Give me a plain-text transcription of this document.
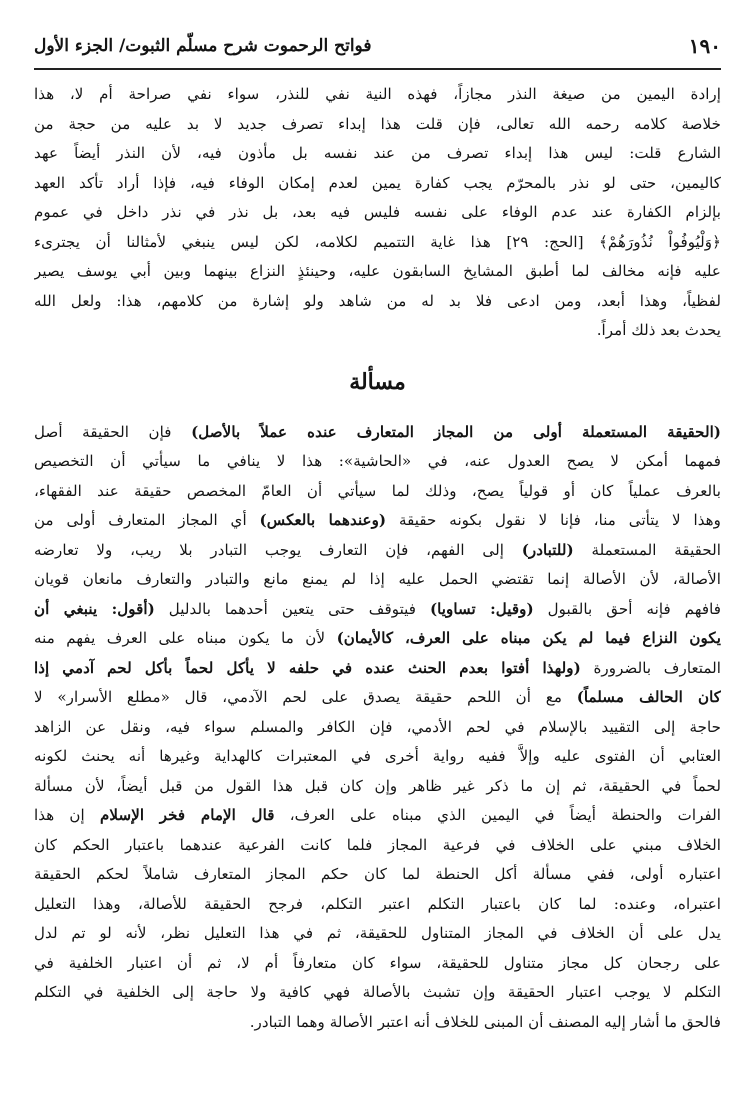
١٩٠
فواتح الرحموت شرح مسلّم الثبوت/ الجزء الأول
إرادة اليمين من صيغة النذر مجازاً، فهذه النية نفي للنذر، سواء نفي صراحة أم لا، هذا
خلاصة كلامه رحمه الله تعالى، فإن قلت هذا إبداء تصرف جديد لا بد عليه من حجة من
الشارع قلت: ليس هذا إبداء تصرف من عند نفسه بل مأذون فيه، لأن النذر أيضاً عهد
كاليمين، حتى لو نذر بالمحرّم يجب كفارة يمين لعدم إمكان الوفاء فيه، فإذا أراد تأكد العهد
بإلزام الكفارة عند عدم الوفاء على نفسه فليس فيه بعد، بل نذر في نذر داخل في عموم
﴿وَلْيُوفُواْ نُذُورَهُمْ﴾ [الحج: ٢٩] هذا غاية التتميم لكلامه، لكن ليس ينبغي لأمثالنا أن يجترىء
عليه فإنه مخالف لما أطبق المشايخ السابقون عليه، وحينئذٍ النزاع بينهما وبين أبي يوسف يصير
لفظياً، وهذا أبعد، ومن ادعى فلا بد له من شاهد ولو إشارة من كلامهم، هذا: ولعل الله
يحدث بعد ذلك أمراً.
مسألة
(الحقيقة المستعملة أولى من المجاز المتعارف عنده عملاً بالأصل) فإن الحقيقة أصل
فمهما أمكن لا يصح العدول عنه، في «الحاشية»: هذا لا ينافي ما سيأتي أن التخصيص
بالعرف عملياً كان أو قولياً يصح، وذلك لما سيأتي أن العامّ المخصص حقيقة عند الفقهاء،
وهذا لا يتأتى منا، فإنا لا نقول بكونه حقيقة (وعندهما بالعكس) أي المجاز المتعارف أولى من
الحقيقة المستعملة (للتبادر) إلى الفهم، فإن التعارف يوجب التبادر بلا ريب، ولا تعارضه
الأصالة، لأن الأصالة إنما تقتضي الحمل عليه إذا لم يمنع مانع والتبادر والتعارف مانعان قويان
فافهم فإنه أحق بالقبول (وقيل: تساويا) فيتوقف حتى يتعين أحدهما بالدليل (أقول: ينبغي أن
يكون النزاع فيما لم يكن مبناه على العرف، كالأيمان) لأن ما يكون مبناه على العرف يفهم منه
المتعارف بالضرورة (ولهذا أفتوا بعدم الحنث عنده في حلفه لا يأكل لحماً بأكل لحم آدمي إذا
كان الحالف مسلماً) مع أن اللحم حقيقة يصدق على لحم الآدمي، قال «مطلع الأسرار» لا
حاجة إلى التقييد بالإسلام في لحم الأدمي، فإن الكافر والمسلم سواء فيه، ونقل عن الزاهد
العتابي أن الفتوى عليه وإلاَّ ففيه رواية أخرى في المعتبرات كالهداية وغيرها أنه يحنث لكونه
لحماً في الحقيقة، ثم إن ما ذكر غير ظاهر وإن كان قبل هذا القول من قبل أيضاً، لأن مسألة
الفرات والحنطة أيضاً في اليمين الذي مبناه على العرف، قال الإمام فخر الإسلام إن هذا
الخلاف مبني على الخلاف في فرعية المجاز فلما كانت الفرعية عندهما باعتبار الحكم كان
اعتباره أولى، ففي مسألة أكل الحنطة لما كان حكم المجاز المتعارف شاملاً لحكم الحقيقة
اعتبراه، وعنده: لما كان باعتبار التكلم اعتبر التكلم، فرجح الحقيقة للأصالة، وهذا التعليل
يدل على أن الخلاف في المجاز المتناول للحقيقة، ثم في هذا التعليل نظر، لأنه لو تم لدل
على رجحان كل مجاز متناول للحقيقة، سواء كان متعارفاً أم لا، ثم أن اعتبار الخلفية في
التكلم لا يوجب اعتبار الحقيقة وإن تشبث بالأصالة فهي كافية ولا حاجة إلى الخلفية في التكلم
فالحق ما أشار إليه المصنف أن المبنى للخلاف أنه اعتبر الأصالة وهما التبادر.
